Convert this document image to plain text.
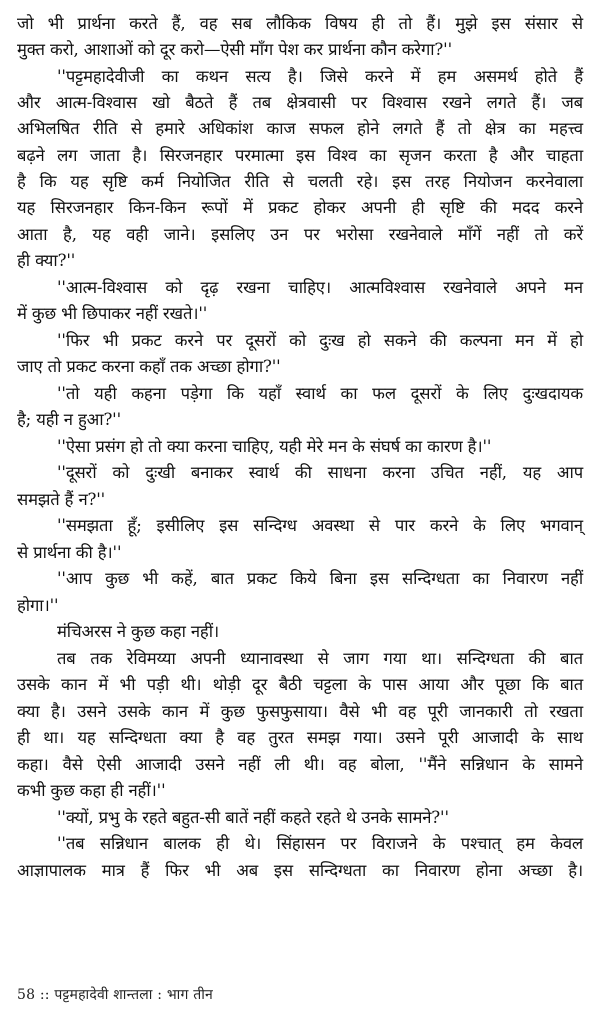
जो भी प्रार्थना करते हैं, वह सब लौकिक विषय ही तो हैं। मुझे इस संसार से
मुक्त करो, आशाओं को दूर करो—ऐसी माँग पेश कर प्रार्थना कौन करेगा?''
''पट्टमहादेवीजी का कथन सत्य है। जिसे करने में हम असमर्थ होते हैं
और आत्म-विश्वास खो बैठते हैं तब क्षेत्रवासी पर विश्वास रखने लगते हैं। जब
अभिलषित रीति से हमारे अधिकांश काज सफल होने लगते हैं तो क्षेत्र का महत्त्व
बढ़ने लग जाता है। सिरजनहार परमात्मा इस विश्व का सृजन करता है और चाहता
है कि यह सृष्टि कर्म नियोजित रीति से चलती रहे। इस तरह नियोजन करनेवाला
यह सिरजनहार किन-किन रूपों में प्रकट होकर अपनी ही सृष्टि की मदद करने
आता है, यह वही जाने। इसलिए उन पर भरोसा रखनेवाले माँगें नहीं तो करें
ही क्या?''
''आत्म-विश्वास को दृढ़ रखना चाहिए। आत्मविश्वास रखनेवाले अपने मन
में कुछ भी छिपाकर नहीं रखते।''
''फिर भी प्रकट करने पर दूसरों को दुःख हो सकने की कल्पना मन में हो
जाए तो प्रकट करना कहाँ तक अच्छा होगा?''
''तो यही कहना पड़ेगा कि यहाँ स्वार्थ का फल दूसरों के लिए दुःखदायक
है; यही न हुआ?''
''ऐसा प्रसंग हो तो क्या करना चाहिए, यही मेरे मन के संघर्ष का कारण है।''
''दूसरों को दुःखी बनाकर स्वार्थ की साधना करना उचित नहीं, यह आप
समझते हैं न?''
''समझता हूँ; इसीलिए इस सन्दिग्ध अवस्था से पार करने के लिए भगवान्
से प्रार्थना की है।''
''आप कुछ भी कहें, बात प्रकट किये बिना इस सन्दिग्धता का निवारण नहीं
होगा।''
मंचिअरस ने कुछ कहा नहीं।
तब तक रेविमय्या अपनी ध्यानावस्था से जाग गया था। सन्दिग्धता की बात
उसके कान में भी पड़ी थी। थोड़ी दूर बैठी चट्टला के पास आया और पूछा कि बात
क्या है। उसने उसके कान में कुछ फुसफुसाया। वैसे भी वह पूरी जानकारी तो रखता
ही था। यह सन्दिग्धता क्या है वह तुरत समझ गया। उसने पूरी आजादी के साथ
कहा। वैसे ऐसी आजादी उसने नहीं ली थी। वह बोला, ''मैंने सन्निधान के सामने
कभी कुछ कहा ही नहीं।''
''क्यों, प्रभु के रहते बहुत-सी बातें नहीं कहते रहते थे उनके सामने?''
''तब सन्निधान बालक ही थे। सिंहासन पर विराजने के पश्चात् हम केवल
आज्ञापालक मात्र हैं फिर भी अब इस सन्दिग्धता का निवारण होना अच्छा है।
58 :: पट्टमहादेवी शान्तला : भाग तीन
